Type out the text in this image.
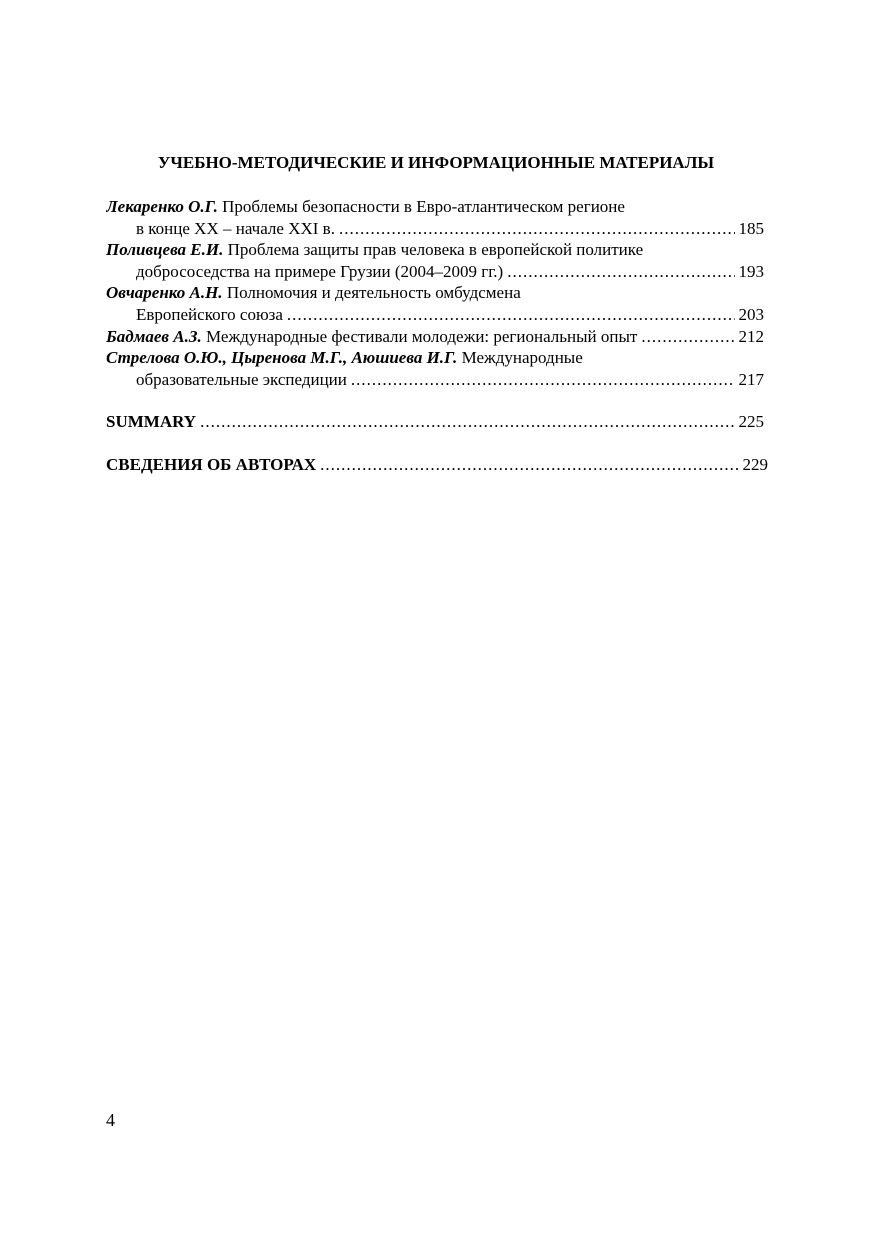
УЧЕБНО-МЕТОДИЧЕСКИЕ И ИНФОРМАЦИОННЫЕ МАТЕРИАЛЫ
Лекаренко О.Г. Проблемы безопасности в Евро-атлантическом регионе
в конце XX – начале XXI в. .....	185
Поливцева Е.И. Проблема защиты прав человека в европейской политике
добрососедства на примере Грузии (2004–2009 гг.) .....	193
Овчаренко А.Н. Полномочия и деятельность омбудсмена
Европейского союза .....	203
Бадмаев А.З. Международные фестивали молодежи: региональный опыт .....	212
Стрелова О.Ю., Цыренова М.Г., Аюшиева И.Г. Международные
образовательные экспедиции .....	217
SUMMARY .....	225
СВЕДЕНИЯ ОБ АВТОРАХ .....	229
4
